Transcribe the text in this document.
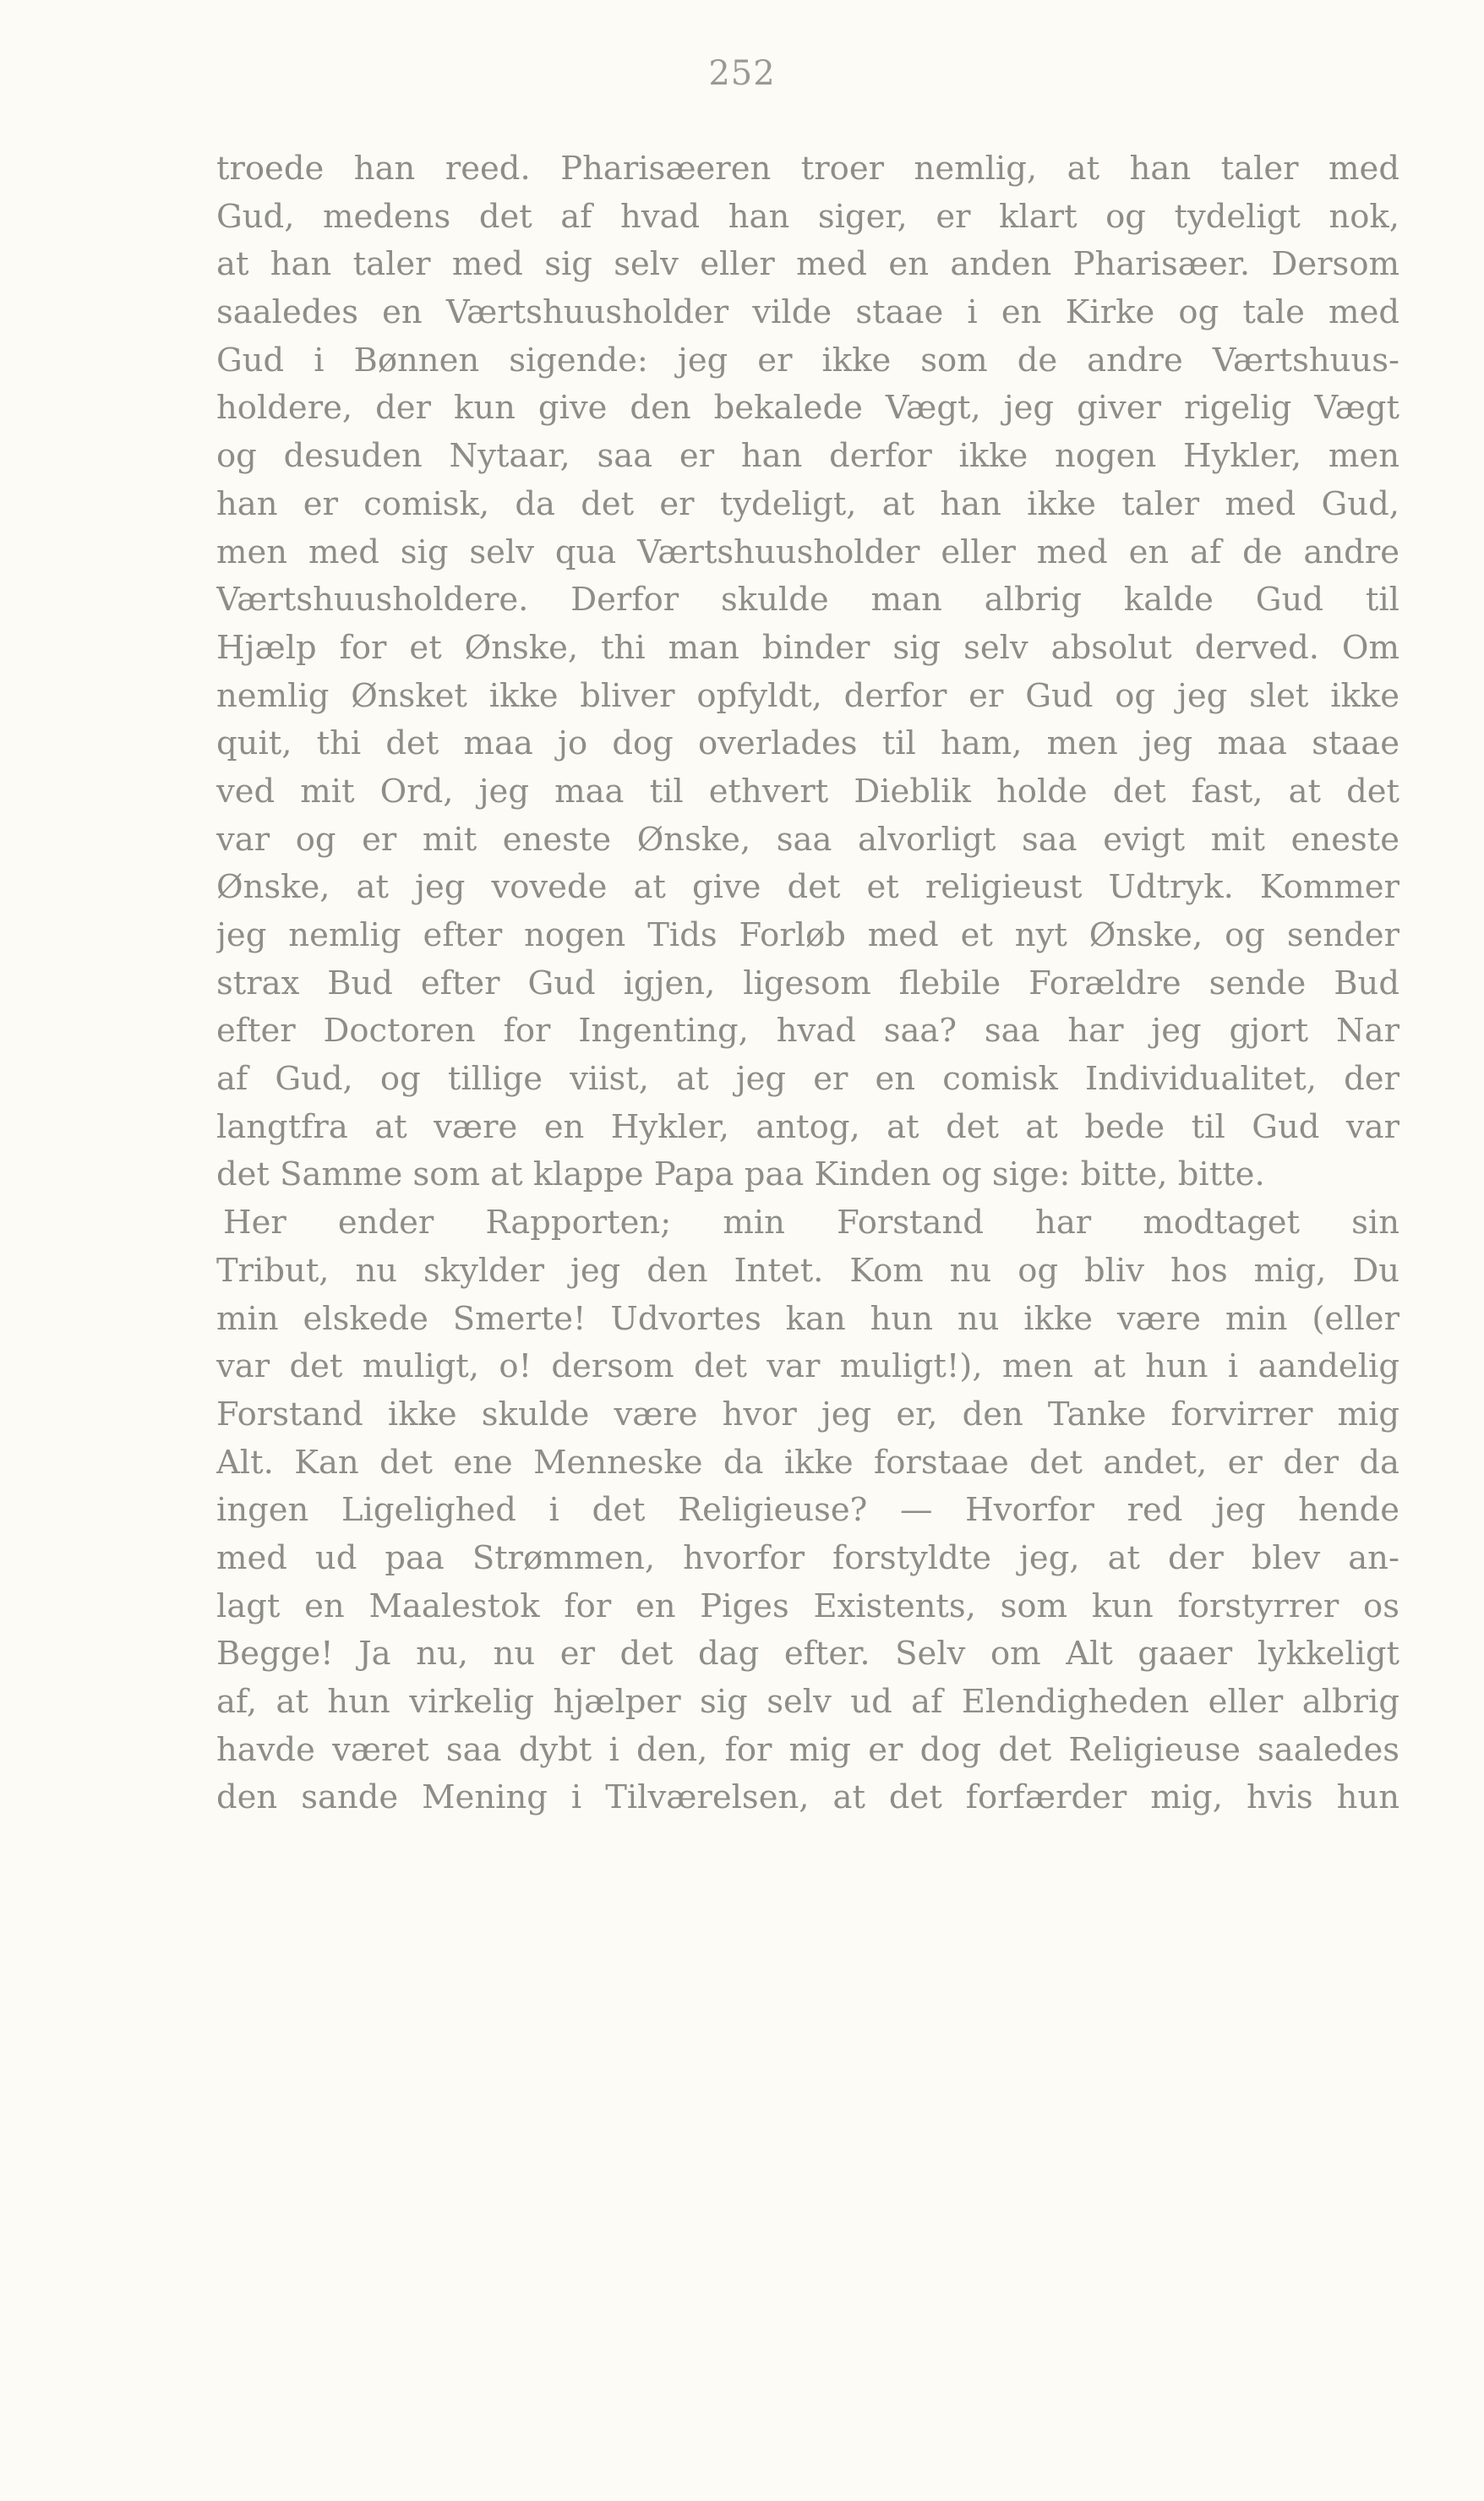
252
troede han reed. Pharisæeren troer nemlig, at han taler med
Gud, medens det af hvad han siger, er klart og tydeligt nok,
at han taler med sig selv eller med en anden Pharisæer. Dersom
saaledes en Værtshuusholder vilde staae i en Kirke og tale med
Gud i Bønnen sigende: jeg er ikke som de andre Værtshuus-
holdere, der kun give den bekalede Vægt, jeg giver rigelig Vægt
og desuden Nytaar, saa er han derfor ikke nogen Hykler, men
han er comisk, da det er tydeligt, at han ikke taler med Gud,
men med sig selv qua Værtshuusholder eller med en af de andre
Værtshuusholdere. Derfor skulde man albrig kalde Gud til
Hjælp for et Ønske, thi man binder sig selv absolut derved. Om
nemlig Ønsket ikke bliver opfyldt, derfor er Gud og jeg slet ikke
quit, thi det maa jo dog overlades til ham, men jeg maa staae
ved mit Ord, jeg maa til ethvert Dieblik holde det fast, at det
var og er mit eneste Ønske, saa alvorligt saa evigt mit eneste
Ønske, at jeg vovede at give det et religieust Udtryk. Kommer
jeg nemlig efter nogen Tids Forløb med et nyt Ønske, og sender
strax Bud efter Gud igjen, ligesom flebile Forældre sende Bud
efter Doctoren for Ingenting, hvad saa? saa har jeg gjort Nar
af Gud, og tillige viist, at jeg er en comisk Individualitet, der
langtfra at være en Hykler, antog, at det at bede til Gud var
det Samme som at klappe Papa paa Kinden og sige: bitte, bitte.
Her ender Rapporten; min Forstand har modtaget sin
Tribut, nu skylder jeg den Intet. Kom nu og bliv hos mig, Du
min elskede Smerte! Udvortes kan hun nu ikke være min (eller
var det muligt, o! dersom det var muligt!), men at hun i aandelig
Forstand ikke skulde være hvor jeg er, den Tanke forvirrer mig
Alt. Kan det ene Menneske da ikke forstaae det andet, er der da
ingen Ligelighed i det Religieuse? — Hvorfor red jeg hende
med ud paa Strømmen, hvorfor forstyldte jeg, at der blev an-
lagt en Maalestok for en Piges Existents, som kun forstyrrer os
Begge! Ja nu, nu er det dag efter. Selv om Alt gaaer lykkeligt
af, at hun virkelig hjælper sig selv ud af Elendigheden eller albrig
havde været saa dybt i den, for mig er dog det Religieuse saaledes
den sande Mening i Tilværelsen, at det forfærder mig, hvis hun
